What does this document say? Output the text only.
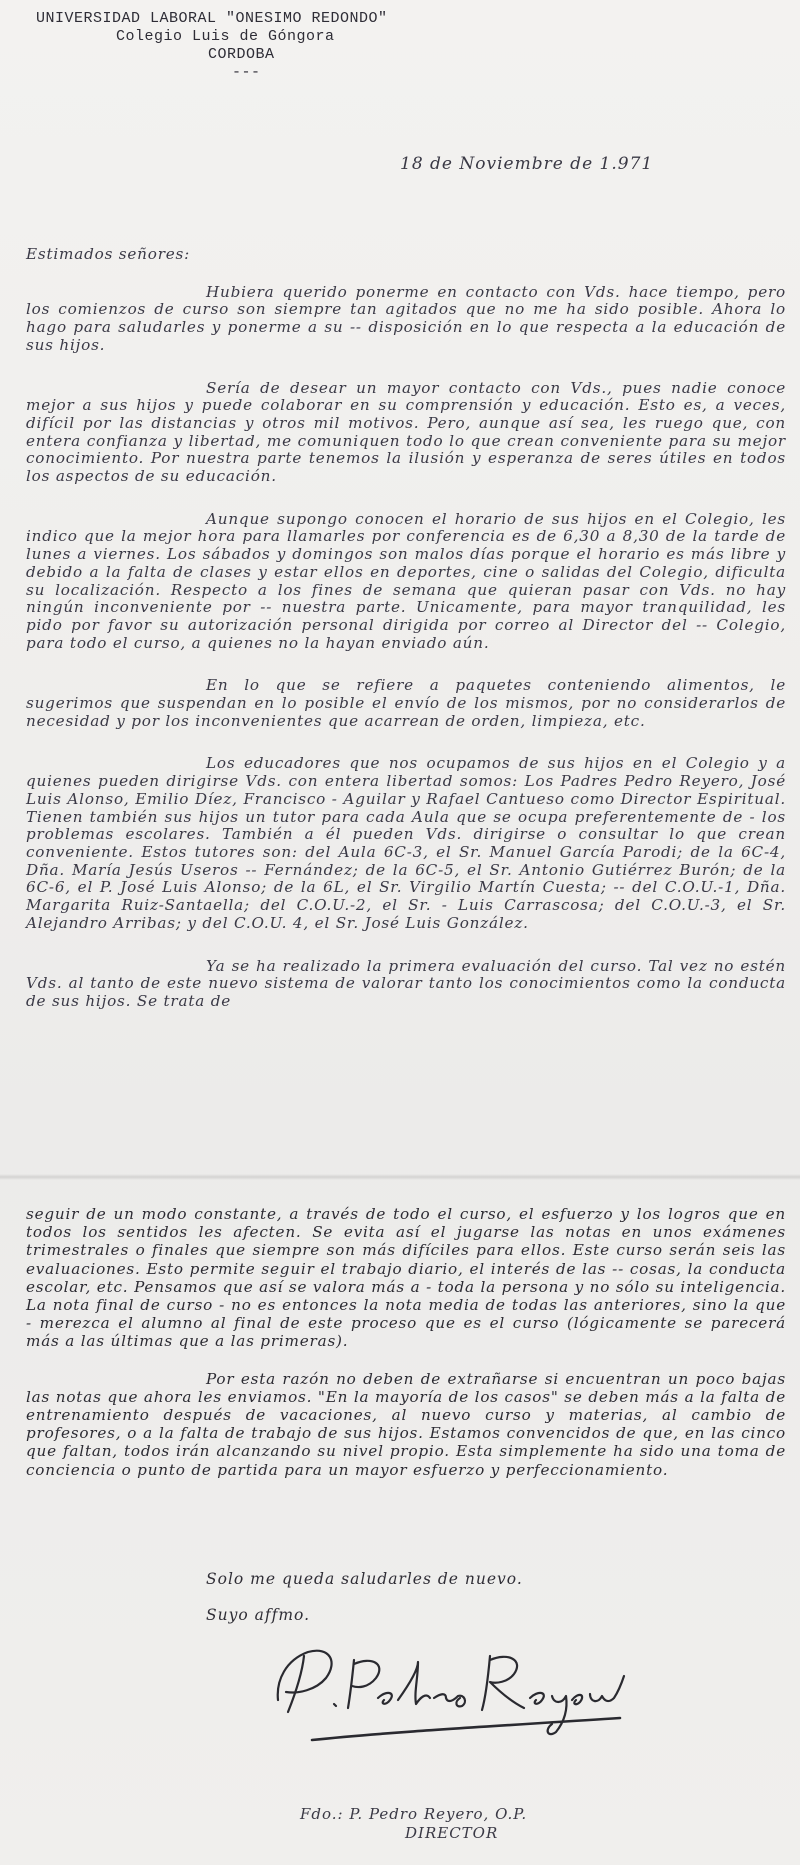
UNIVERSIDAD LABORAL "ONESIMO REDONDO"
Colegio Luis de Góngora
CORDOBA
---
18 de Noviembre de 1.971

Estimados señores:

Hubiera querido ponerme en contacto con Vds. hace tiempo, pero los comienzos de curso son siempre tan agitados que no me ha sido posible. Ahora lo hago para saludarles y ponerme a su -- disposición en lo que respecta a la educación de sus hijos.

Sería de desear un mayor contacto con Vds., pues nadie conoce mejor a sus hijos y puede colaborar en su comprensión y educación. Esto es, a veces, difícil por las distancias y otros mil motivos. Pero, aunque así sea, les ruego que, con entera confianza y libertad, me comuniquen todo lo que crean conveniente para su mejor conocimiento. Por nuestra parte tenemos la ilusión y esperanza de seres útiles en todos los aspectos de su educación.

Aunque supongo conocen el horario de sus hijos en el Colegio, les indico que la mejor hora para llamarles por conferencia es de 6,30 a 8,30 de la tarde de lunes a viernes. Los sábados y domingos son malos días porque el horario es más libre y debido a la falta de clases y estar ellos en deportes, cine o salidas del Colegio, dificulta su localización. Respecto a los fines de semana que quieran pasar con Vds. no hay ningún inconveniente por -- nuestra parte. Unicamente, para mayor tranquilidad, les pido por favor su autorización personal dirigida por correo al Director del -- Colegio, para todo el curso, a quienes no la hayan enviado aún.

En lo que se refiere a paquetes conteniendo alimentos, le sugerimos que suspendan en lo posible el envío de los mismos, por no considerarlos de necesidad y por los inconvenientes que acarrean de orden, limpieza, etc.

Los educadores que nos ocupamos de sus hijos en el Colegio y a quienes pueden dirigirse Vds. con entera libertad somos: Los Padres Pedro Reyero, José Luis Alonso, Emilio Díez, Francisco - Aguilar y Rafael Cantueso como Director Espiritual. Tienen también sus hijos un tutor para cada Aula que se ocupa preferentemente de - los problemas escolares. También a él pueden Vds. dirigirse o consultar lo que crean conveniente. Estos tutores son: del Aula 6C-3, el Sr. Manuel García Parodi; de la 6C-4, Dña. María Jesús Useros -- Fernández; de la 6C-5, el Sr. Antonio Gutiérrez Burón; de la 6C-6, el P. José Luis Alonso; de la 6L, el Sr. Virgilio Martín Cuesta; -- del C.O.U.-1, Dña. Margarita Ruiz-Santaella; del C.O.U.-2, el Sr. - Luis Carrascosa; del C.O.U.-3, el Sr. Alejandro Arribas; y del C.O.U. 4, el Sr. José Luis González.

Ya se ha realizado la primera evaluación del curso. Tal vez no estén Vds. al tanto de este nuevo sistema de valorar tanto los conocimientos como la conducta de sus hijos. Se trata de

seguir de un modo constante, a través de todo el curso, el esfuerzo y los logros que en todos los sentidos les afecten. Se evita así el jugarse las notas en unos exámenes trimestrales o finales que siempre son más difíciles para ellos. Este curso serán seis las evaluaciones. Esto permite seguir el trabajo diario, el interés de las -- cosas, la conducta escolar, etc. Pensamos que así se valora más a - toda la persona y no sólo su inteligencia. La nota final de curso - no es entonces la nota media de todas las anteriores, sino la que - merezca el alumno al final de este proceso que es el curso (lógicamente se parecerá más a las últimas que a las primeras).

Por esta razón no deben de extrañarse si encuentran un poco bajas las notas que ahora les enviamos. "En la mayoría de los casos" se deben más a la falta de entrenamiento después de vacaciones, al nuevo curso y materias, al cambio de profesores, o a la falta de trabajo de sus hijos. Estamos convencidos de que, en las cinco que faltan, todos irán alcanzando su nivel propio. Esta simplemente ha sido una toma de conciencia o punto de partida para un mayor esfuerzo y perfeccionamiento.

Solo me queda saludarles de nuevo.
Suyo affmo.
Fdo.: P. Pedro Reyero, O.P.
DIRECTOR
